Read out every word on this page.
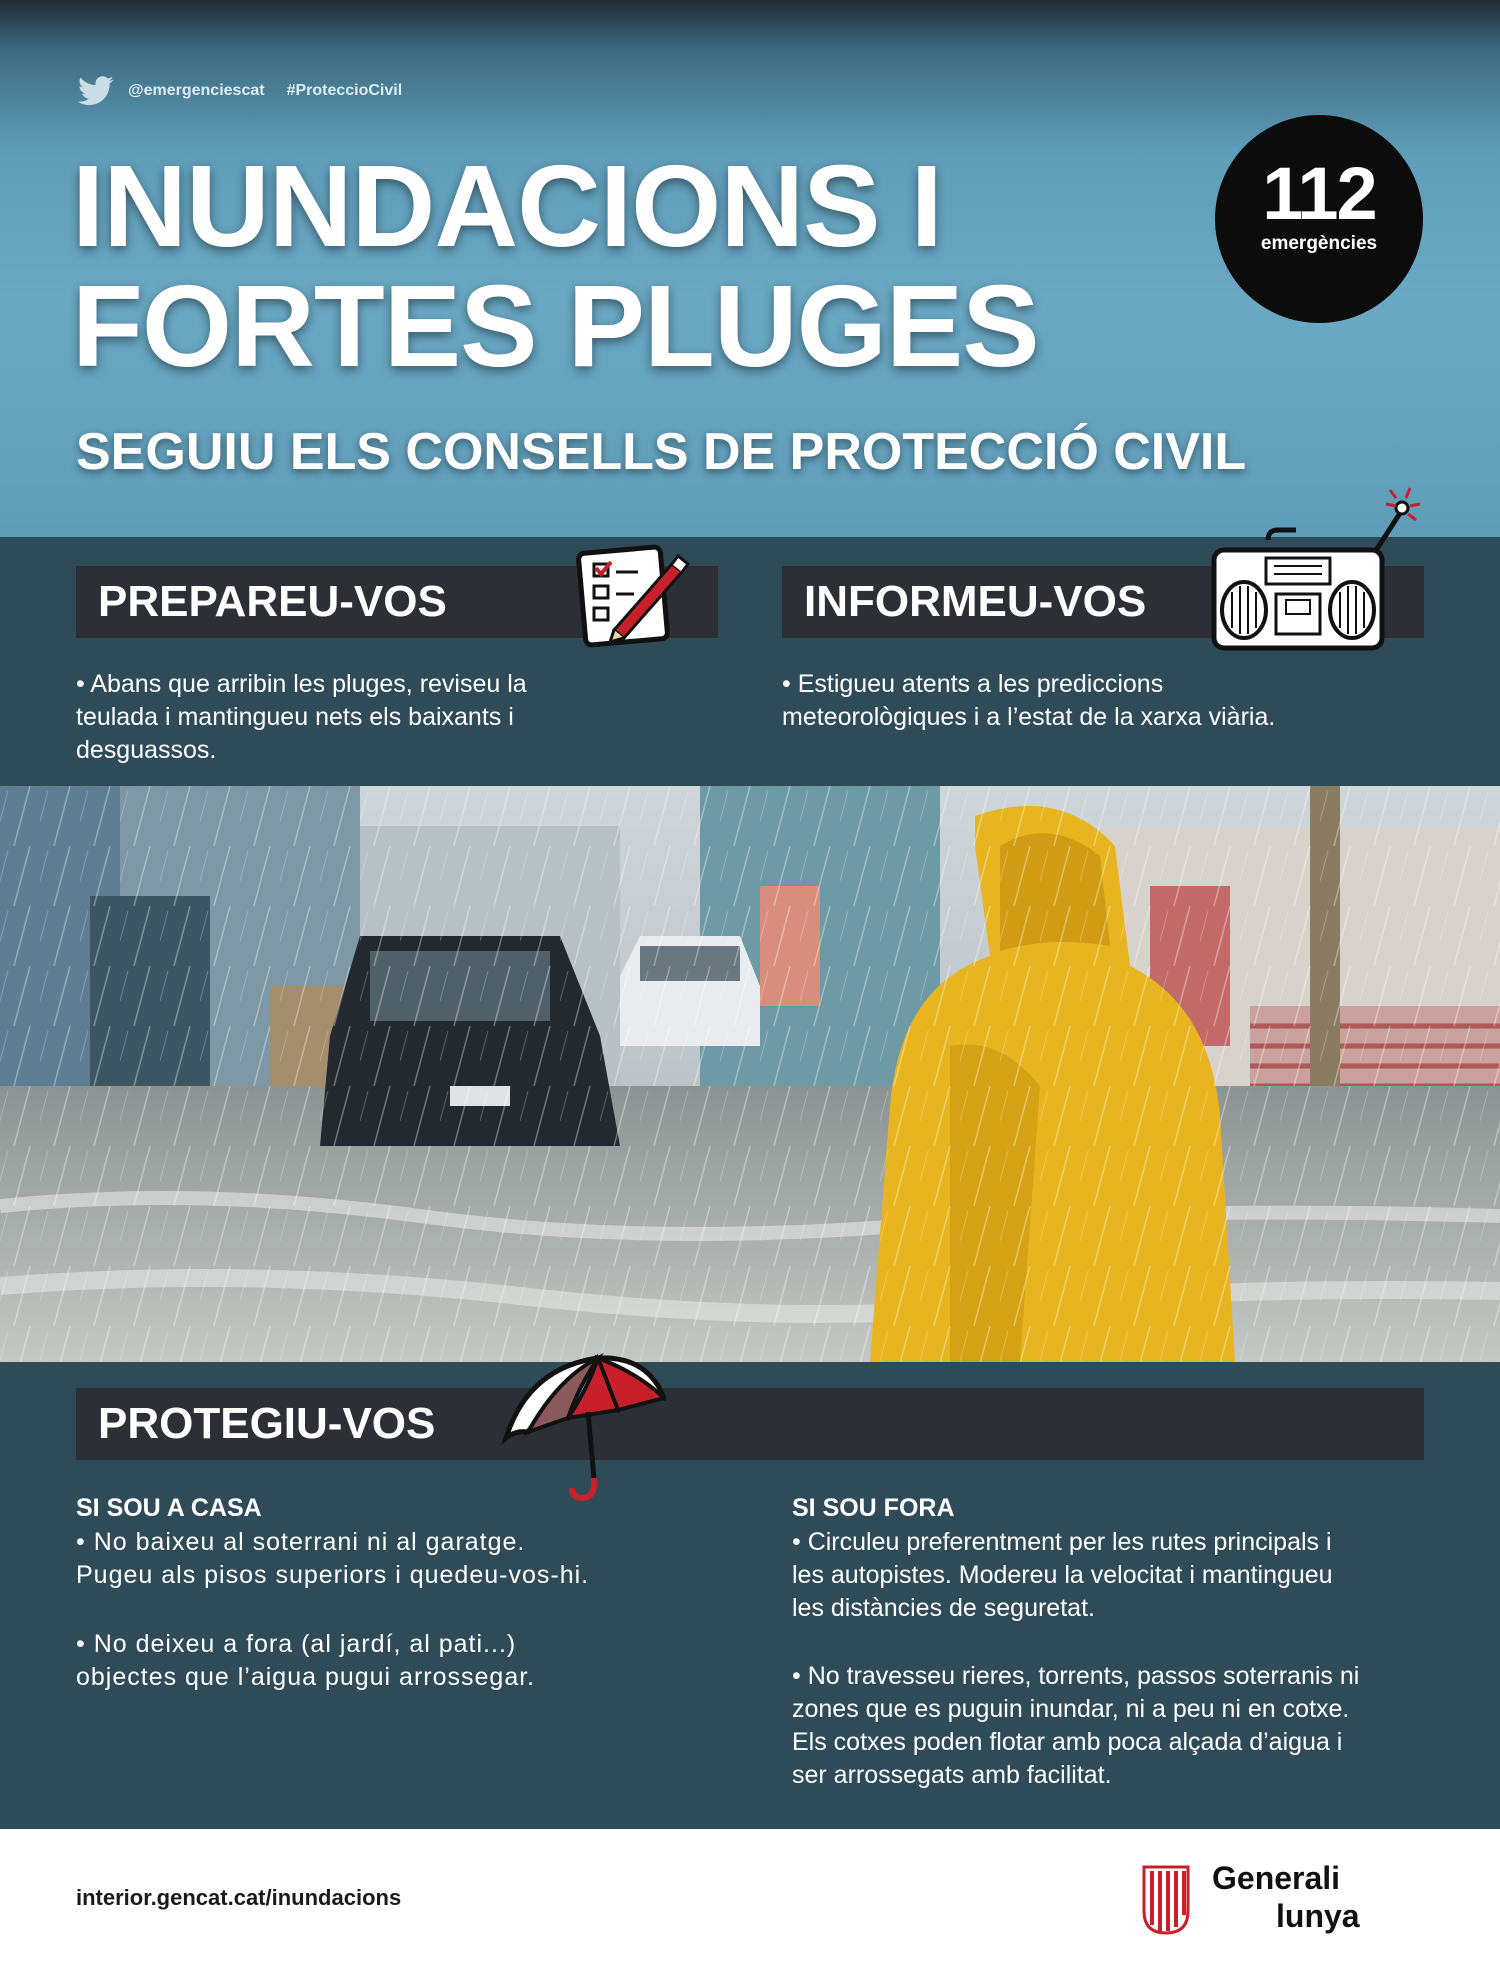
@emergenciescat #ProteccioCivil
INUNDACIONS I
FORTES PLUGES
SEGUIU ELS CONSELLS DE PROTECCIÓ CIVIL
112
emergències
PREPAREU-VOS
• Abans que arribin les pluges, reviseu la
teulada i mantingueu nets els baixants i
desguassos.
INFORMEU-VOS
• Estigueu atents a les prediccions
meteorològiques i a l’estat de la xarxa viària.
PROTEGIU-VOS
SI SOU A CASA
• No baixeu al soterrani ni al garatge.
Pugeu als pisos superiors i quedeu-vos-hi.
• No deixeu a fora (al jardí, al pati...)
objectes que l’aigua pugui arrossegar.
SI SOU FORA
• Circuleu preferentment per les rutes principals i
les autopistes. Modereu la velocitat i mantingueu
les distàncies de seguretat.
• No travesseu rieres, torrents, passos soterranis ni
zones que es puguin inundar, ni a peu ni en cotxe.
Els cotxes poden flotar amb poca alçada d’aigua i
ser arrossegats amb facilitat.
interior.gencat.cat/inundacions
Generali
lunya
